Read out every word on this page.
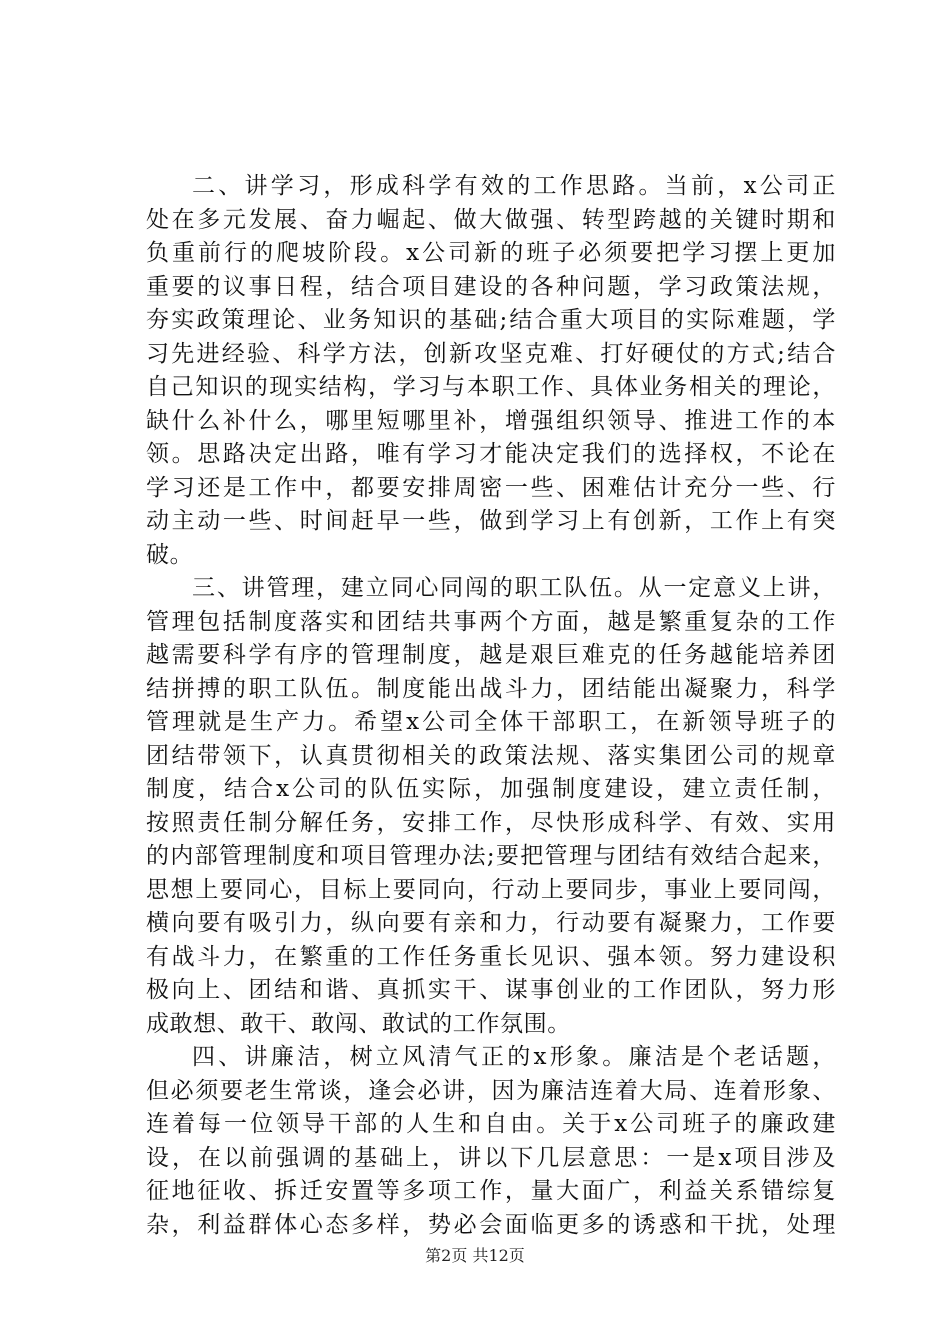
二、讲学习，形成科学有效的工作思路。当前，x公司正
处在多元发展、奋力崛起、做大做强、转型跨越的关键时期和
负重前行的爬坡阶段。x公司新的班子必须要把学习摆上更加
重要的议事日程，结合项目建设的各种问题，学习政策法规，
夯实政策理论、业务知识的基础;结合重大项目的实际难题，学
习先进经验、科学方法，创新攻坚克难、打好硬仗的方式;结合
自己知识的现实结构，学习与本职工作、具体业务相关的理论，
缺什么补什么，哪里短哪里补，增强组织领导、推进工作的本
领。思路决定出路，唯有学习才能决定我们的选择权，不论在
学习还是工作中，都要安排周密一些、困难估计充分一些、行
动主动一些、时间赶早一些，做到学习上有创新，工作上有突
破。
三、讲管理，建立同心同闯的职工队伍。从一定意义上讲，
管理包括制度落实和团结共事两个方面，越是繁重复杂的工作
越需要科学有序的管理制度，越是艰巨难克的任务越能培养团
结拼搏的职工队伍。制度能出战斗力，团结能出凝聚力，科学
管理就是生产力。希望x公司全体干部职工，在新领导班子的
团结带领下，认真贯彻相关的政策法规、落实集团公司的规章
制度，结合x公司的队伍实际，加强制度建设，建立责任制，
按照责任制分解任务，安排工作，尽快形成科学、有效、实用
的内部管理制度和项目管理办法;要把管理与团结有效结合起来，
思想上要同心，目标上要同向，行动上要同步，事业上要同闯，
横向要有吸引力，纵向要有亲和力，行动要有凝聚力，工作要
有战斗力，在繁重的工作任务重长见识、强本领。努力建设积
极向上、团结和谐、真抓实干、谋事创业的工作团队，努力形
成敢想、敢干、敢闯、敢试的工作氛围。
四、讲廉洁，树立风清气正的x形象。廉洁是个老话题，
但必须要老生常谈，逢会必讲，因为廉洁连着大局、连着形象、
连着每一位领导干部的人生和自由。关于x公司班子的廉政建
设，在以前强调的基础上，讲以下几层意思：一是x项目涉及
征地征收、拆迁安置等多项工作，量大面广，利益关系错综复
杂，利益群体心态多样，势必会面临更多的诱惑和干扰，处理
第2页 共12页
